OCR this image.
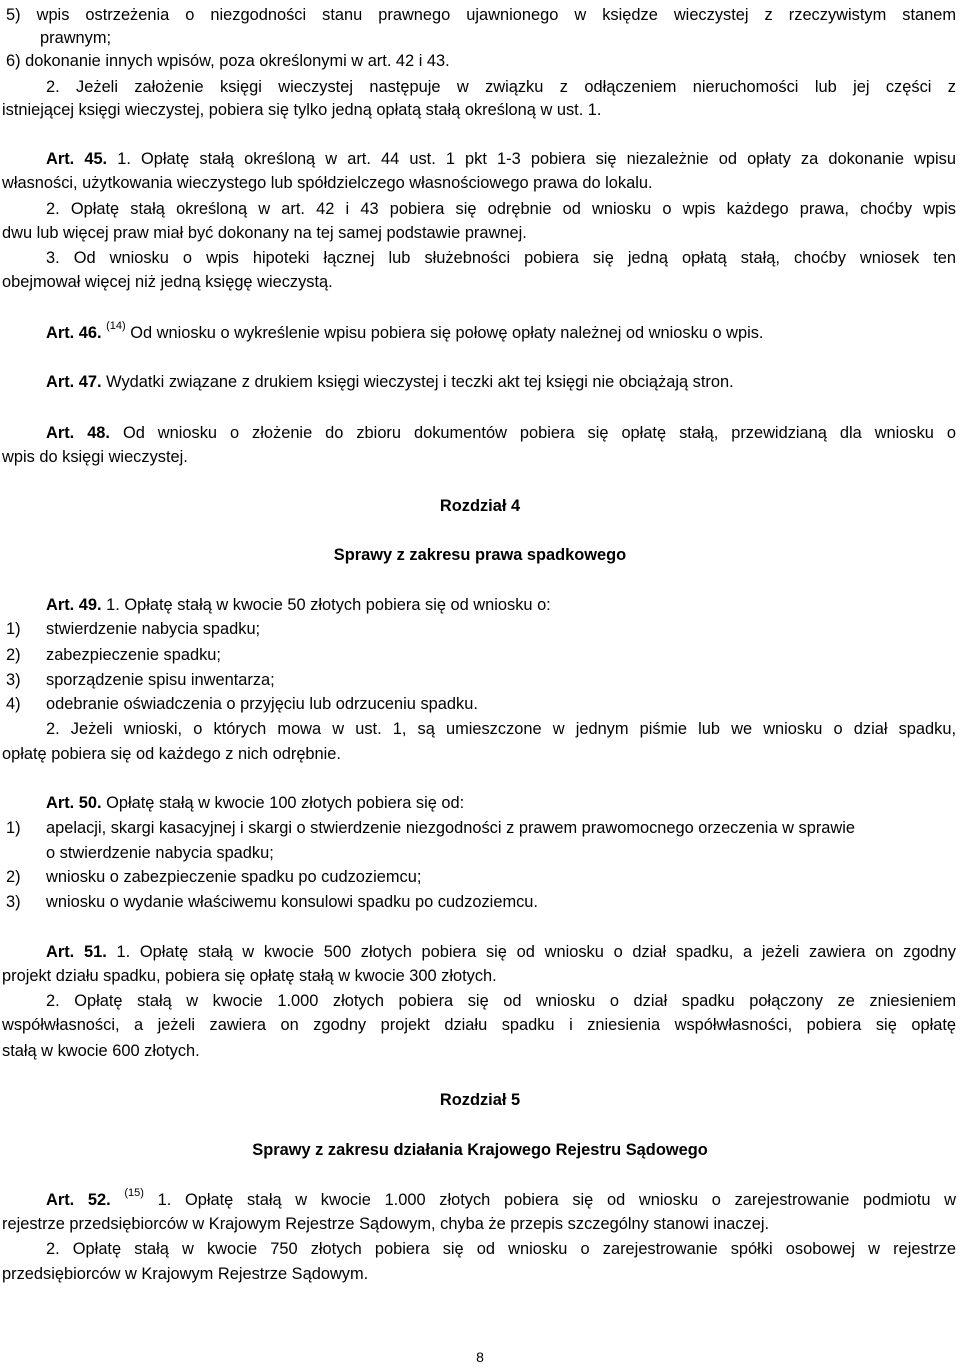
5) wpis ostrzeżenia o niezgodności stanu prawnego ujawnionego w księdze wieczystej z rzeczywistym stanem
prawnym;
6) dokonanie innych wpisów, poza określonymi w art. 42 i 43.
2. Jeżeli założenie księgi wieczystej następuje w związku z odłączeniem nieruchomości lub jej części z
istniejącej księgi wieczystej, pobiera się tylko jedną opłatą stałą określoną w ust. 1.
Art. 45. 1. Opłatę stałą określoną w art. 44 ust. 1 pkt 1-3 pobiera się niezależnie od opłaty za dokonanie wpisu
własności, użytkowania wieczystego lub spółdzielczego własnościowego prawa do lokalu.
2. Opłatę stałą określoną w art. 42 i 43 pobiera się odrębnie od wniosku o wpis każdego prawa, choćby wpis
dwu lub więcej praw miał być dokonany na tej samej podstawie prawnej.
3. Od wniosku o wpis hipoteki łącznej lub służebności pobiera się jedną opłatą stałą, choćby wniosek ten
obejmował więcej niż jedną księgę wieczystą.
Art. 46. $^{(14)}$ Od wniosku o wykreślenie wpisu pobiera się połowę opłaty należnej od wniosku o wpis.
Art. 47. Wydatki związane z drukiem księgi wieczystej i teczki akt tej księgi nie obciążają stron.
Art. 48. Od wniosku o złożenie do zbioru dokumentów pobiera się opłatę stałą, przewidzianą dla wniosku o
wpis do księgi wieczystej.
Rozdział 4
Sprawy z zakresu prawa spadkowego
Art. 49. 1. Opłatę stałą w kwocie 50 złotych pobiera się od wniosku o:
1) stwierdzenie nabycia spadku;
2) zabezpieczenie spadku;
3) sporządzenie spisu inwentarza;
4) odebranie oświadczenia o przyjęciu lub odrzuceniu spadku.
2. Jeżeli wnioski, o których mowa w ust. 1, są umieszczone w jednym piśmie lub we wniosku o dział spadku,
opłatę pobiera się od każdego z nich odrębnie.
Art. 50. Opłatę stałą w kwocie 100 złotych pobiera się od:
1) apelacji, skargi kasacyjnej i skargi o stwierdzenie niezgodności z prawem prawomocnego orzeczenia w sprawie
o stwierdzenie nabycia spadku;
2) wniosku o zabezpieczenie spadku po cudzoziemcu;
3) wniosku o wydanie właściwemu konsulowi spadku po cudzoziemcu.
Art. 51. 1. Opłatę stałą w kwocie 500 złotych pobiera się od wniosku o dział spadku, a jeżeli zawiera on zgodny
projekt działu spadku, pobiera się opłatę stałą w kwocie 300 złotych.
2. Opłatę stałą w kwocie 1.000 złotych pobiera się od wniosku o dział spadku połączony ze zniesieniem
współwłasności, a jeżeli zawiera on zgodny projekt działu spadku i zniesienia współwłasności, pobiera się opłatę
stałą w kwocie 600 złotych.
Rozdział 5
Sprawy z zakresu działania Krajowego Rejestru Sądowego
Art. 52. $^{(15)}$ 1. Opłatę stałą w kwocie 1.000 złotych pobiera się od wniosku o zarejestrowanie podmiotu w
rejestrze przedsiębiorców w Krajowym Rejestrze Sądowym, chyba że przepis szczególny stanowi inaczej.
2. Opłatę stałą w kwocie 750 złotych pobiera się od wniosku o zarejestrowanie spółki osobowej w rejestrze
przedsiębiorców w Krajowym Rejestrze Sądowym.
8
